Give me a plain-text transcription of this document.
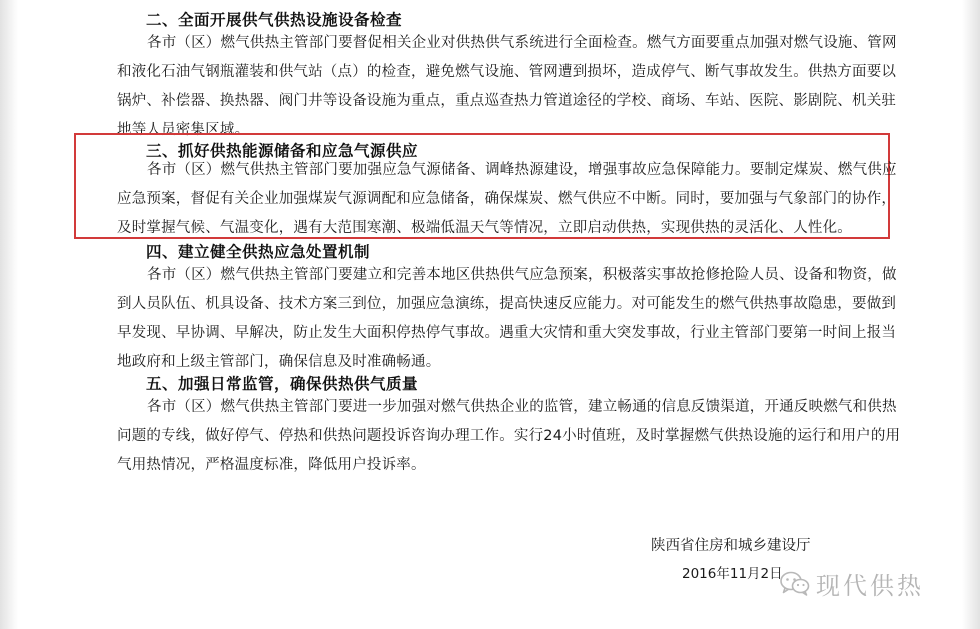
二、全面开展供气供热设施设备检查
各市（区）燃气供热主管部门要督促相关企业对供热供气系统进行全面检查。燃气方面要重点加强对燃气设施、管网
和液化石油气钢瓶灌装和供气站（点）的检查，避免燃气设施、管网遭到损坏，造成停气、断气事故发生。供热方面要以
锅炉、补偿器、换热器、阀门井等设备设施为重点，重点巡查热力管道途径的学校、商场、车站、医院、影剧院、机关驻
地等人员密集区域。
三、抓好供热能源储备和应急气源供应
各市（区）燃气供热主管部门要加强应急气源储备、调峰热源建设，增强事故应急保障能力。要制定煤炭、燃气供应
应急预案，督促有关企业加强煤炭气源调配和应急储备，确保煤炭、燃气供应不中断。同时，要加强与气象部门的协作，
及时掌握气候、气温变化，遇有大范围寒潮、极端低温天气等情况，立即启动供热，实现供热的灵活化、人性化。
四、建立健全供热应急处置机制
各市（区）燃气供热主管部门要建立和完善本地区供热供气应急预案，积极落实事故抢修抢险人员、设备和物资，做
到人员队伍、机具设备、技术方案三到位，加强应急演练，提高快速反应能力。对可能发生的燃气供热事故隐患，要做到
早发现、早协调、早解决，防止发生大面积停热停气事故。遇重大灾情和重大突发事故，行业主管部门要第一时间上报当
地政府和上级主管部门，确保信息及时准确畅通。
五、加强日常监管，确保供热供气质量
各市（区）燃气供热主管部门要进一步加强对燃气供热企业的监管，建立畅通的信息反馈渠道，开通反映燃气和供热
问题的专线，做好停气、停热和供热问题投诉咨询办理工作。实行24小时值班，及时掌握燃气供热设施的运行和用户的用
气用热情况，严格温度标准，降低用户投诉率。
陕西省住房和城乡建设厅
2016年11月2日 现代供热
